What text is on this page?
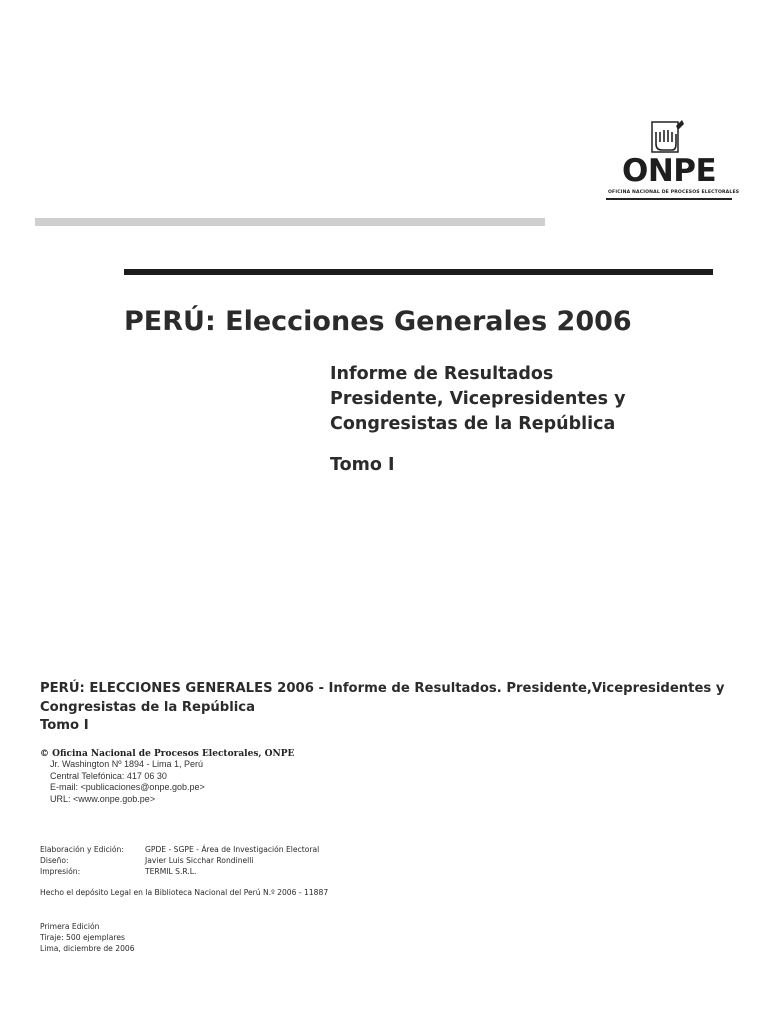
ONPE
OFICINA NACIONAL DE PROCESOS ELECTORALES
PERÚ: Elecciones Generales 2006
Informe de Resultados
Presidente, Vicepresidentes y
Congresistas de la República
Tomo I
PERÚ: ELECCIONES GENERALES 2006 - Informe de Resultados. Presidente,Vicepresidentes y
Congresistas de la República
Tomo I
© Oficina Nacional de Procesos Electorales, ONPE
Jr. Washington Nº 1894 - Lima 1, Perú
Central Telefónica: 417 06 30
E-mail: <publicaciones@onpe.gob.pe>
URL: <www.onpe.gob.pe>
Elaboración y Edición:	GPDE - SGPE - Área de Investigación Electoral
Diseño:	Javier Luis Sicchar Rondinelli
Impresión:	TERMIL S.R.L.
Hecho el depósito Legal en la Biblioteca Nacional del Perú N.º 2006 - 11887
Primera Edición
Tiraje: 500 ejemplares
Lima, diciembre de 2006
